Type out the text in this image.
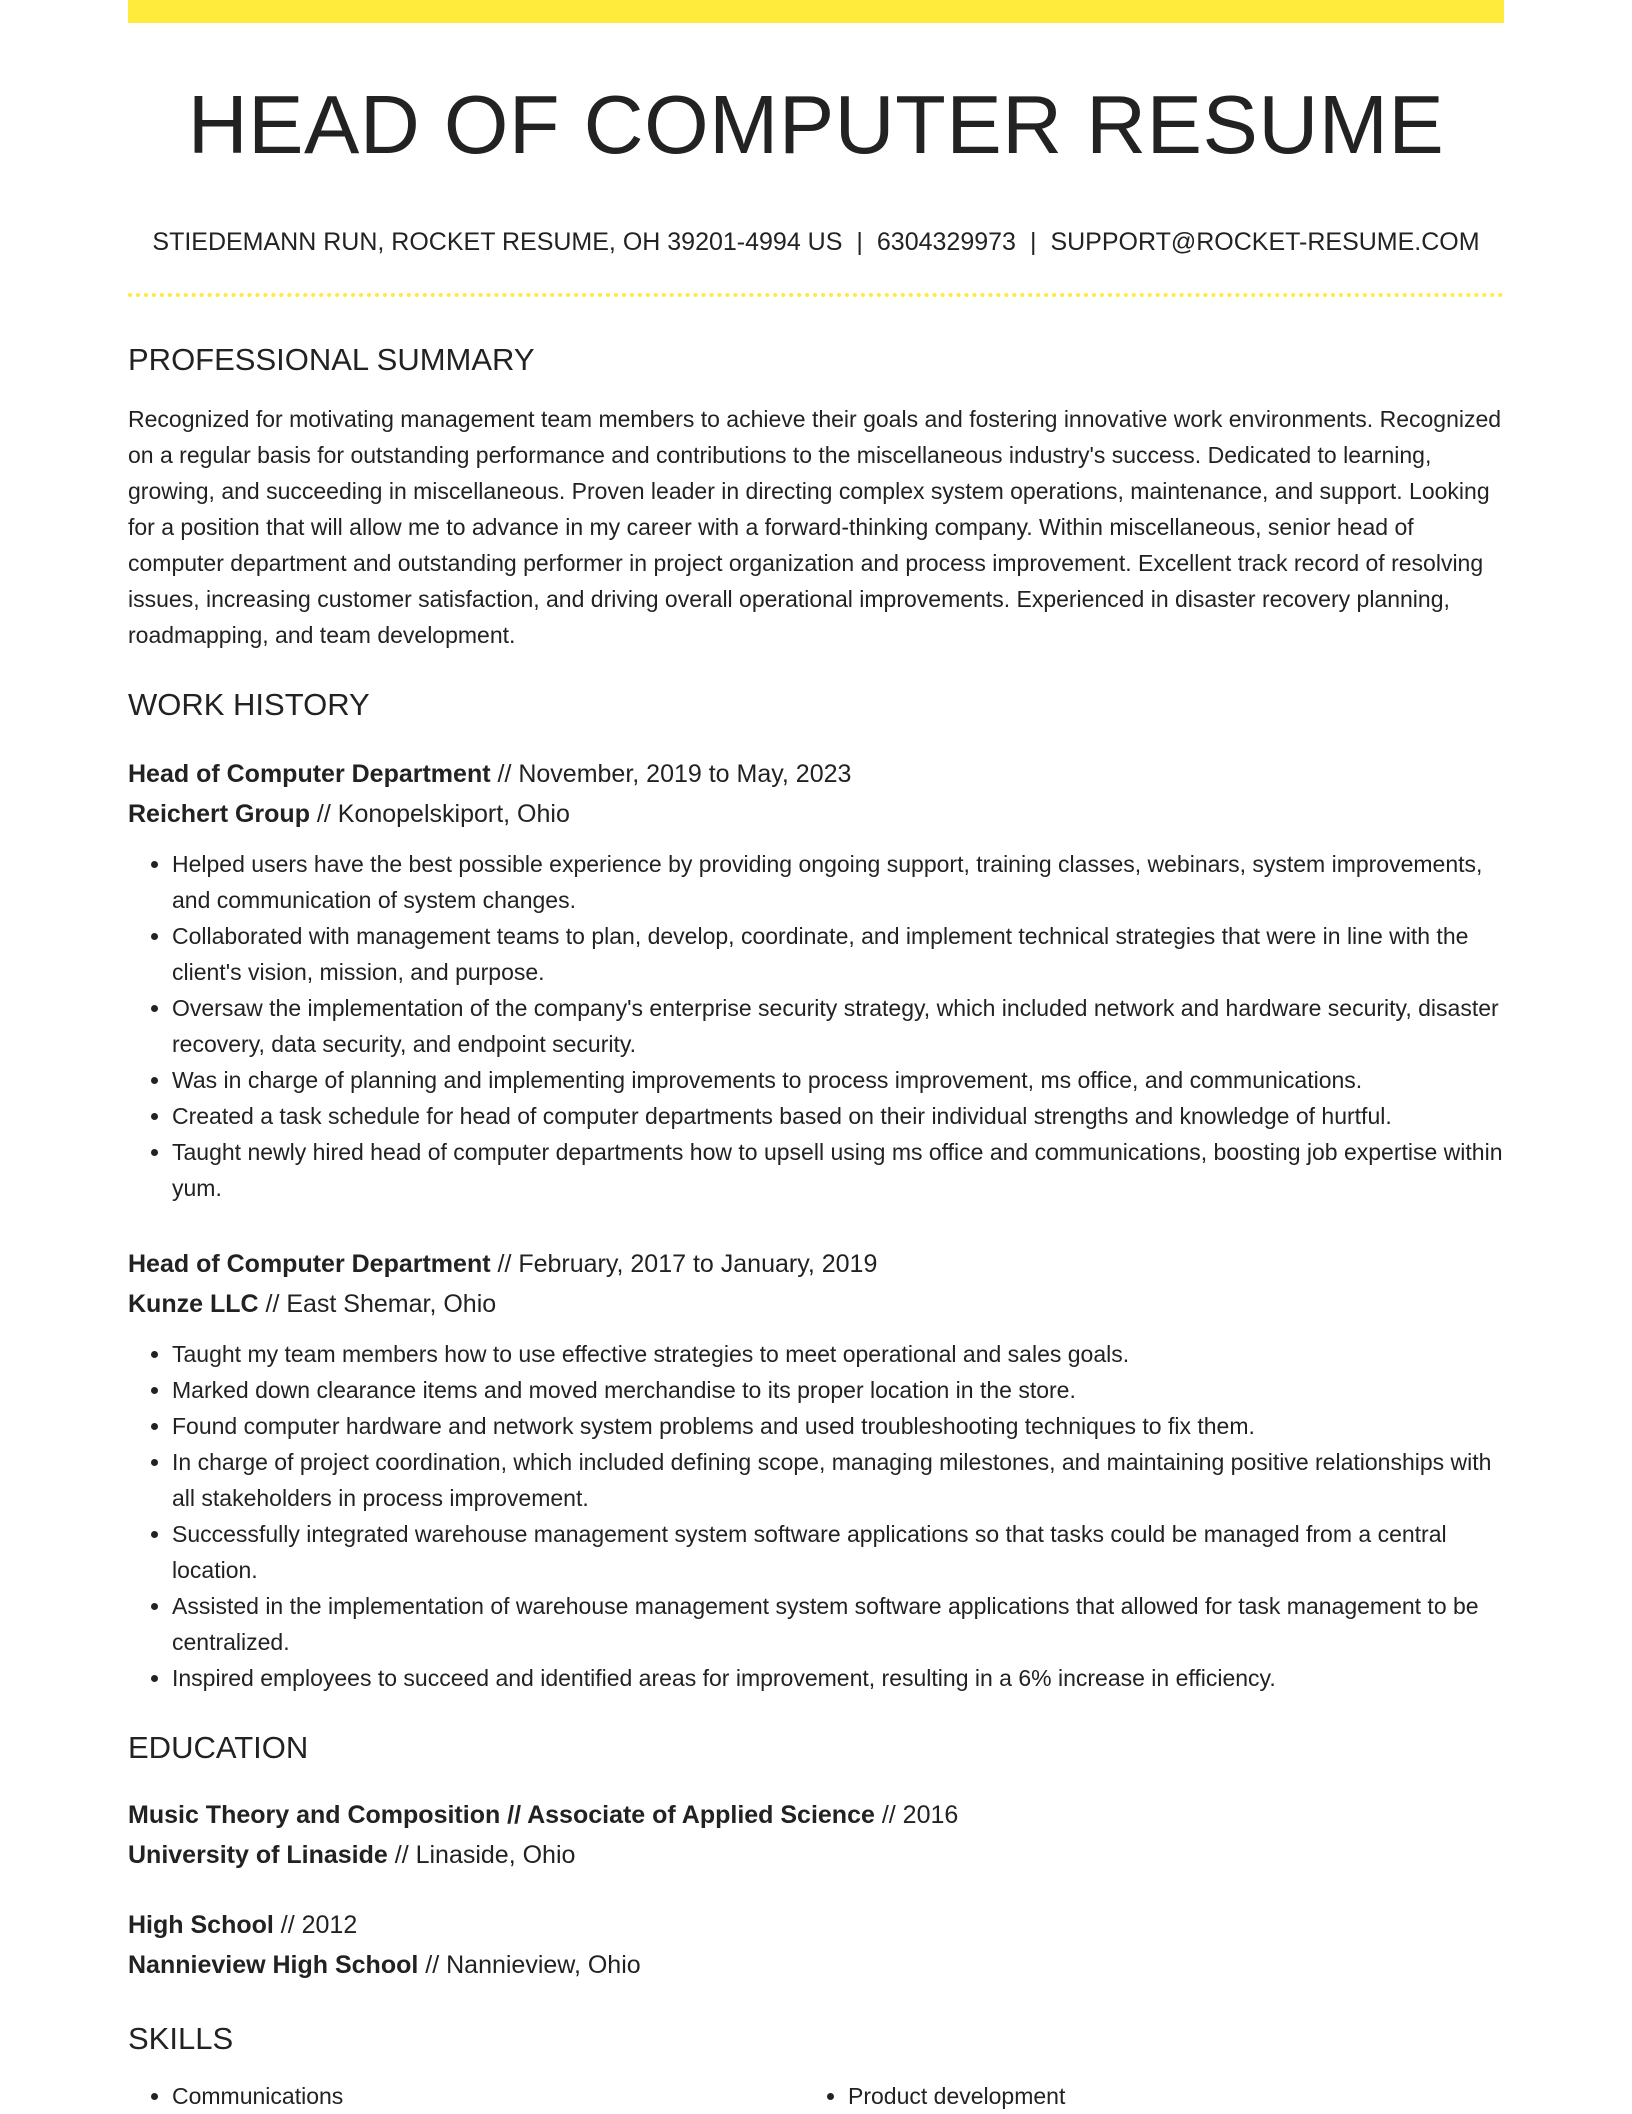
HEAD OF COMPUTER RESUME
STIEDEMANN RUN, ROCKET RESUME, OH 39201-4994 US | 6304329973 | SUPPORT@ROCKET-RESUME.COM
PROFESSIONAL SUMMARY

Recognized for motivating management team members to achieve their goals and fostering innovative work environments. Recognized on a regular basis for outstanding performance and contributions to the miscellaneous industry's success. Dedicated to learning, growing, and succeeding in miscellaneous. Proven leader in directing complex system operations, maintenance, and support. Looking for a position that will allow me to advance in my career with a forward-thinking company. Within miscellaneous, senior head of computer department and outstanding performer in project organization and process improvement. Excellent track record of resolving issues, increasing customer satisfaction, and driving overall operational improvements. Experienced in disaster recovery planning, roadmapping, and team development.

WORK HISTORY
Head of Computer Department // November, 2019 to May, 2023
Reichert Group // Konopelskiport, Ohio
• Helped users have the best possible experience by providing ongoing support, training classes, webinars, system improvements, and communication of system changes.
• Collaborated with management teams to plan, develop, coordinate, and implement technical strategies that were in line with the client's vision, mission, and purpose.
• Oversaw the implementation of the company's enterprise security strategy, which included network and hardware security, disaster recovery, data security, and endpoint security.
• Was in charge of planning and implementing improvements to process improvement, ms office, and communications.
• Created a task schedule for head of computer departments based on their individual strengths and knowledge of hurtful.
• Taught newly hired head of computer departments how to upsell using ms office and communications, boosting job expertise within yum.
Head of Computer Department // February, 2017 to January, 2019
Kunze LLC // East Shemar, Ohio
• Taught my team members how to use effective strategies to meet operational and sales goals.
• Marked down clearance items and moved merchandise to its proper location in the store.
• Found computer hardware and network system problems and used troubleshooting techniques to fix them.
• In charge of project coordination, which included defining scope, managing milestones, and maintaining positive relationships with all stakeholders in process improvement.
• Successfully integrated warehouse management system software applications so that tasks could be managed from a central location.
• Assisted in the implementation of warehouse management system software applications that allowed for task management to be centralized.
• Inspired employees to succeed and identified areas for improvement, resulting in a 6% increase in efficiency.
EDUCATION
Music Theory and Composition // Associate of Applied Science // 2016
University of Linaside // Linaside, Ohio
High School // 2012
Nannieview High School // Nannieview, Ohio
SKILLS
• Communications
•	Product development
